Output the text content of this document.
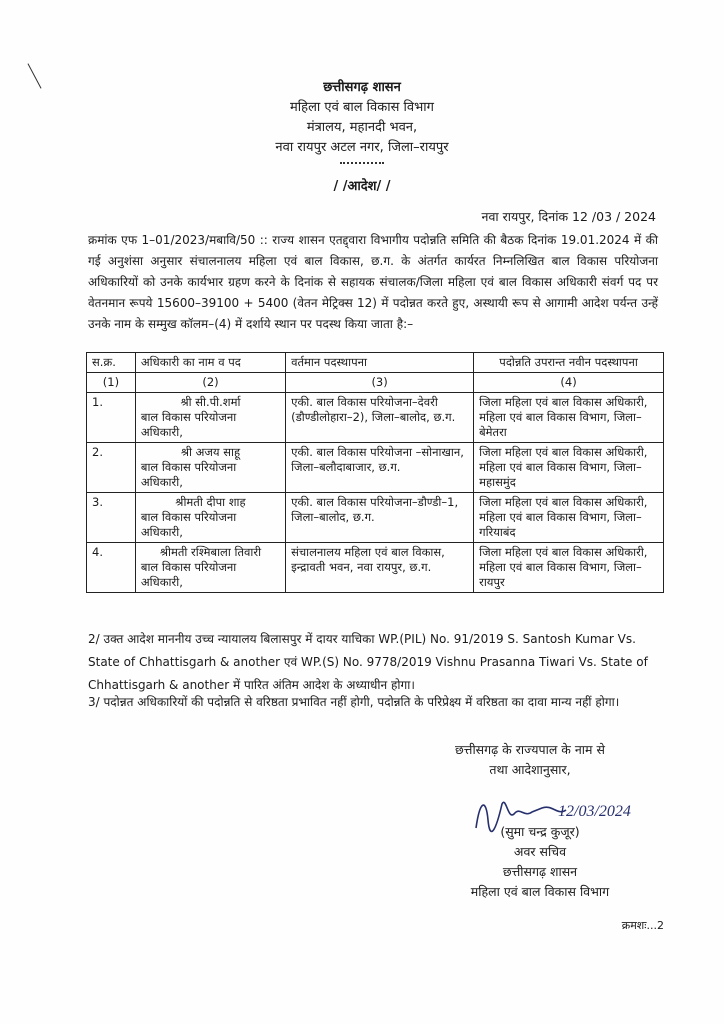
छत्तीसगढ़ शासन
महिला एवं बाल विकास विभाग
मंत्रालय, महानदी भवन,
नवा रायपुर अटल नगर, जिला–रायपुर
/ /आदेश/ /
नवा रायपुर, दिनांक 12 /03 / 2024
क्रमांक एफ 1–01/2023/मबावि/50 :: राज्य शासन एतद्द्वारा विभागीय पदोन्नति समिति की बैठक दिनांक 19.01.2024 में की गई अनुशंसा अनुसार संचालनालय महिला एवं बाल विकास, छ.ग. के अंतर्गत कार्यरत निम्नलिखित बाल विकास परियोजना अधिकारियों को उनके कार्यभार ग्रहण करने के दिनांक से सहायक संचालक/जिला महिला एवं बाल विकास अधिकारी संवर्ग पद पर वेतनमान रूपये 15600–39100 + 5400 (वेतन मेट्रिक्स 12) में पदोन्नत करते हुए, अस्थायी रूप से आगामी आदेश पर्यन्त उन्हें उनके नाम के सम्मुख कॉलम–(4) में दर्शाये स्थान पर पदस्थ किया जाता है:–
स.क्र.	अधिकारी का नाम व पद	वर्तमान पदस्थापना	पदोन्नति उपरान्त नवीन पदस्थापना
(1)	(2)	(3)	(4)
1.	श्री सी.पी.शर्मा
बाल विकास परियोजना अधिकारी,	एकी. बाल विकास परियोजना–देवरी (डौण्डीलोहारा–2), जिला–बालोद, छ.ग.	जिला महिला एवं बाल विकास अधिकारी, महिला एवं बाल विकास विभाग, जिला–बेमेतरा
2.	श्री अजय साहू
बाल विकास परियोजना अधिकारी,	एकी. बाल विकास परियोजना –सोनाखान, जिला–बलौदाबाजार, छ.ग.	जिला महिला एवं बाल विकास अधिकारी, महिला एवं बाल विकास विभाग, जिला–महासमुंद
3.	श्रीमती दीपा शाह
बाल विकास परियोजना अधिकारी,	एकी. बाल विकास परियोजना–डौण्डी–1, जिला–बालोद, छ.ग.	जिला महिला एवं बाल विकास अधिकारी, महिला एवं बाल विकास विभाग, जिला–गरियाबंद
4.	श्रीमती रश्मिबाला तिवारी
बाल विकास परियोजना अधिकारी,	संचालनालय महिला एवं बाल विकास, इन्द्रावती भवन, नवा रायपुर, छ.ग.	जिला महिला एवं बाल विकास अधिकारी, महिला एवं बाल विकास विभाग, जिला–रायपुर
2/ उक्त आदेश माननीय उच्च न्यायालय बिलासपुर में दायर याचिका WP.(PIL) No. 91/2019 S. Santosh Kumar Vs. State of Chhattisgarh & another एवं WP.(S) No. 9778/2019 Vishnu Prasanna Tiwari Vs. State of Chhattisgarh & another में पारित अंतिम आदेश के अध्याधीन होगा।
3/ पदोन्नत अधिकारियों की पदोन्नति से वरिष्ठता प्रभावित नहीं होगी, पदोन्नति के परिप्रेक्ष्य में वरिष्ठता का दावा मान्य नहीं होगा।
छत्तीसगढ़ के राज्यपाल के नाम से
तथा आदेशानुसार,
12/03/2024
(सुमा चन्द्र कुजूर)
अवर सचिव
छत्तीसगढ़ शासन
महिला एवं बाल विकास विभाग
क्रमशः...2
